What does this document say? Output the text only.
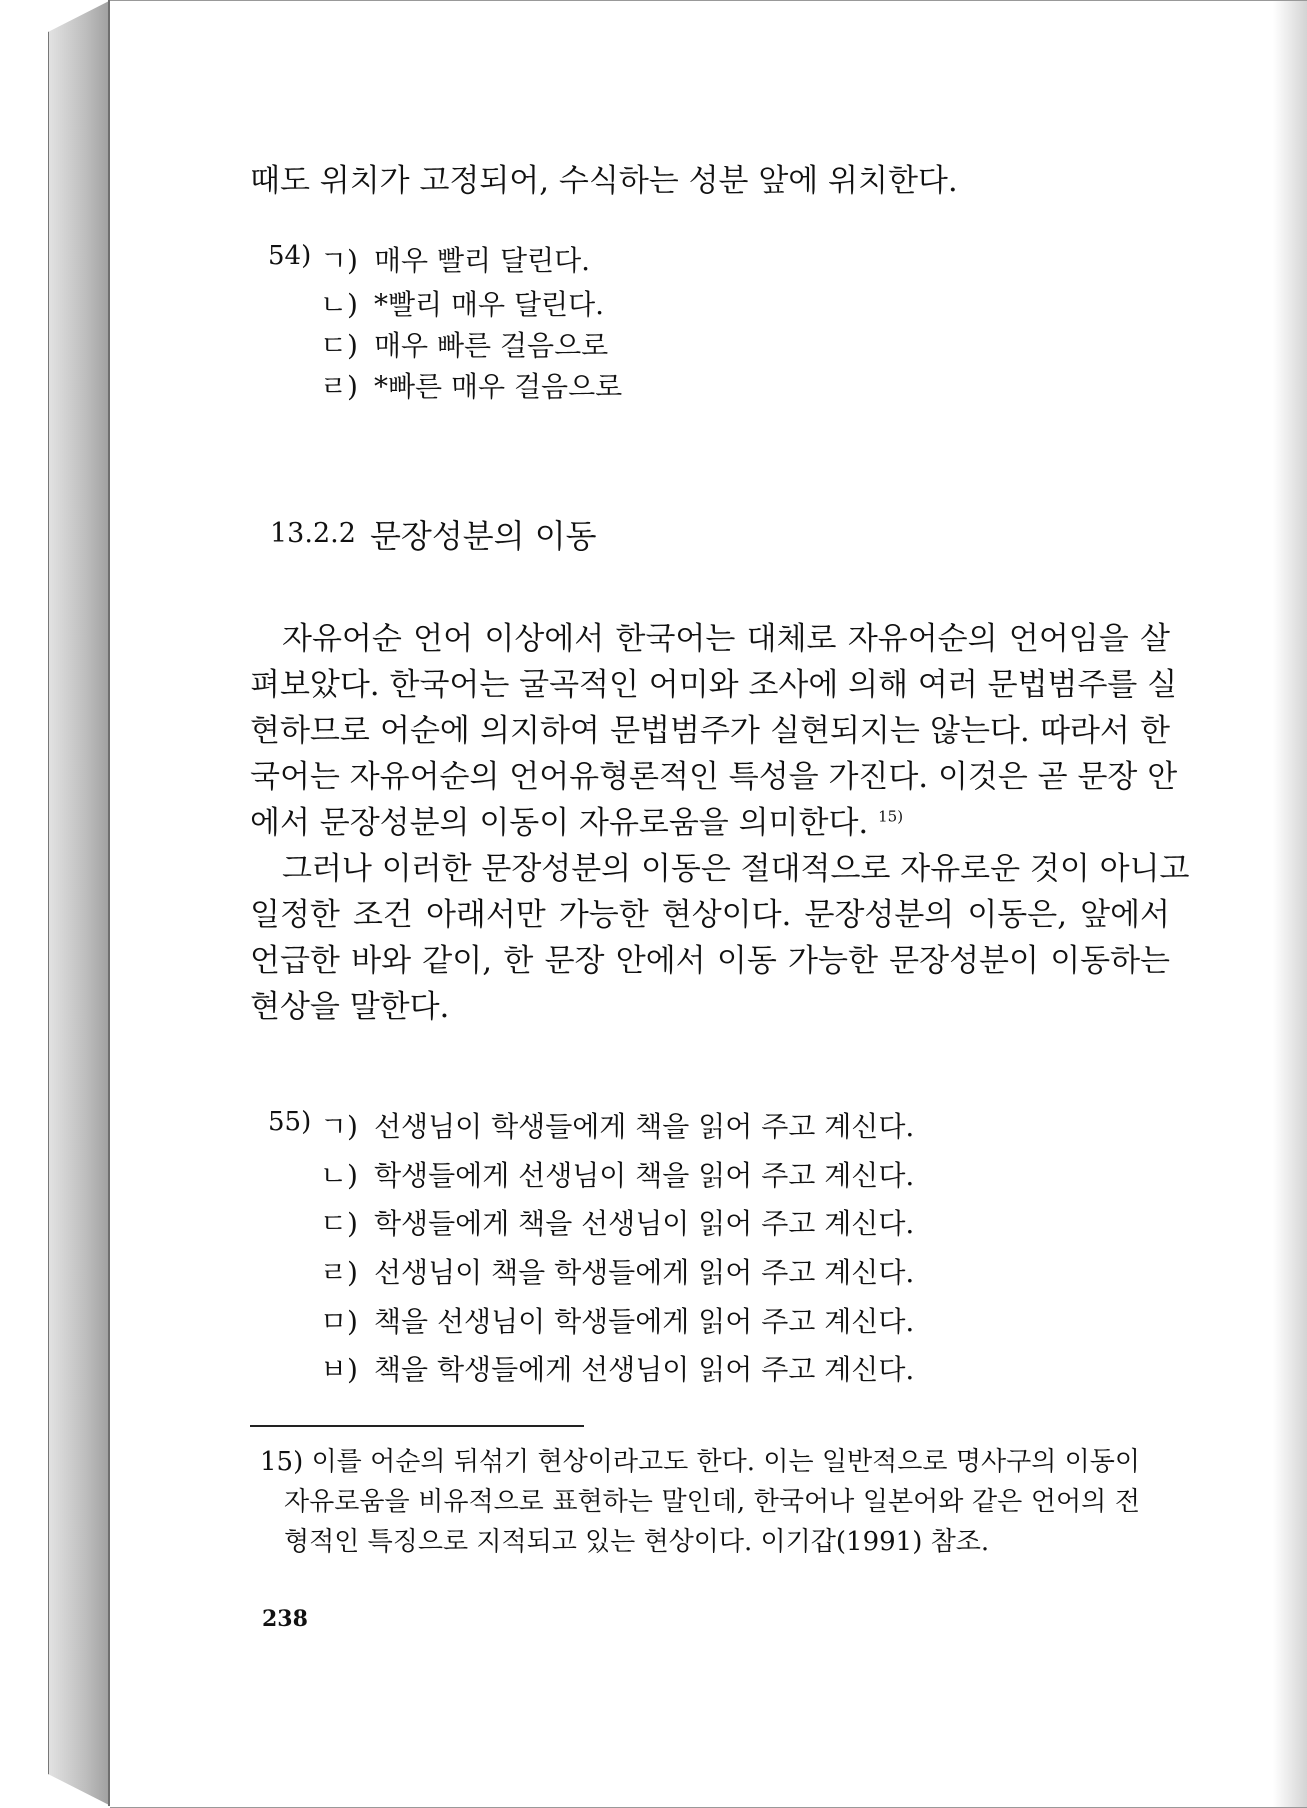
때도 위치가 고정되어, 수식하는 성분 앞에 위치한다.
54) ㄱ) 매우 빨리 달린다.
ㄴ) *빨리 매우 달린다.
ㄷ) 매우 빠른 걸음으로
ㄹ) *빠른 매우 걸음으로
13.2.2 문장성분의 이동
자유어순 언어 이상에서 한국어는 대체로 자유어순의 언어임을 살
펴보았다. 한국어는 굴곡적인 어미와 조사에 의해 여러 문법범주를 실
현하므로 어순에 의지하여 문법범주가 실현되지는 않는다. 따라서 한
국어는 자유어순의 언어유형론적인 특성을 가진다. 이것은 곧 문장 안
에서 문장성분의 이동이 자유로움을 의미한다. $^{15)}$
그러나 이러한 문장성분의 이동은 절대적으로 자유로운 것이 아니고
일정한 조건 아래서만 가능한 현상이다. 문장성분의 이동은, 앞에서
언급한 바와 같이, 한 문장 안에서 이동 가능한 문장성분이 이동하는
현상을 말한다.
55) ㄱ) 선생님이 학생들에게 책을 읽어 주고 계신다.
ㄴ) 학생들에게 선생님이 책을 읽어 주고 계신다.
ㄷ) 학생들에게 책을 선생님이 읽어 주고 계신다.
ㄹ) 선생님이 책을 학생들에게 읽어 주고 계신다.
ㅁ) 책을 선생님이 학생들에게 읽어 주고 계신다.
ㅂ) 책을 학생들에게 선생님이 읽어 주고 계신다.
15) 이를 어순의 뒤섞기 현상이라고도 한다. 이는 일반적으로 명사구의 이동이
자유로움을 비유적으로 표현하는 말인데, 한국어나 일본어와 같은 언어의 전
형적인 특징으로 지적되고 있는 현상이다. 이기갑(1991) 참조.
238
